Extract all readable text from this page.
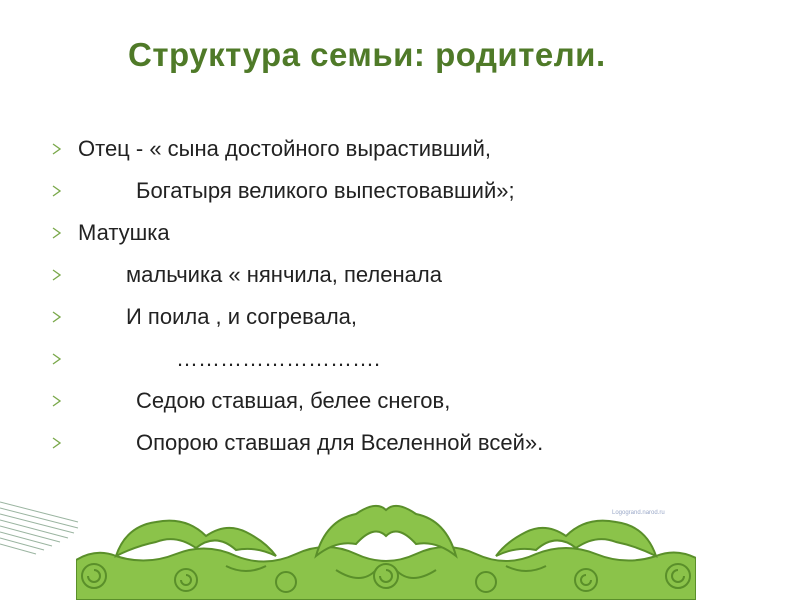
Структура семьи: родители.
Отец - « сына достойного вырастивший,
Богатыря великого выпестовавший»;
Матушка
мальчика « нянчила, пеленала
И поила , и согревала,
……………………….
Седою ставшая, белее снегов,
Опорою ставшая для Вселенной всей».
Logogrand.narod.ru
